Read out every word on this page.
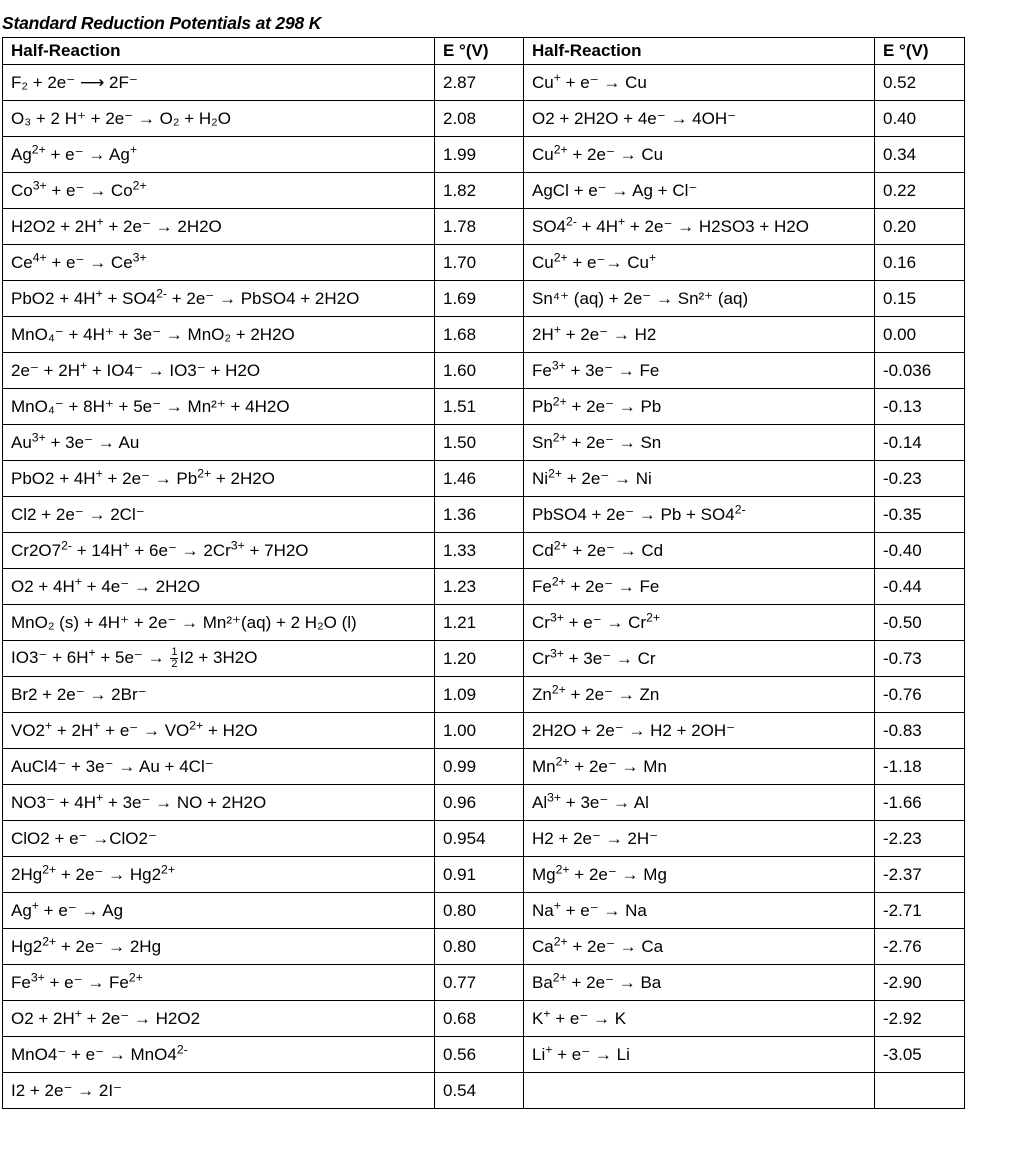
Standard Reduction Potentials at 298 K
Half-Reaction	E °(V)	Half-Reaction	E °(V)
F₂ + 2e⁻ ⟶ 2F⁻	2.87	Cu+ + e⁻ → Cu	0.52
O₃ + 2 H⁺ + 2e⁻ → O₂ + H₂O	2.08	O2 + 2H2O + 4e⁻ → 4OH⁻	0.40
$Ag^{2+} + e^- \to Ag^+$	1.99	$Cu^{2+} + 2e^- \to Cu$	0.34
$Co^{3+} + e^- \to Co^{2+}$	1.82	AgCl + e⁻ → Ag + Cl⁻	0.22
H2O2 + 2H+ + 2e⁻ → 2H2O	1.78	$SO4^{2-} + 4H^+ + 2e^- \to H2SO3 + H2O$	0.20
$Ce^{4+} + e^- \to Ce^{3+}$	1.70	$Cu^{2+} + e^-\to Cu^+$	0.16
$PbO2 + 4H^+ + SO4^{2-} + 2e^-$ → PbSO4 + 2H2O	1.69	Sn⁴⁺ (aq) + 2e⁻ → Sn²⁺ (aq)	0.15
MnO₄⁻ + 4H⁺ + 3e⁻ → MnO₂ + 2H2O	1.68	2H+ + 2e⁻ → H2	0.00
2e⁻ + 2H+ + IO4⁻ → IO3⁻ + H2O	1.60	$Fe^{3+} + 3e^- \to Fe$	-0.036
MnO₄⁻ + 8H⁺ + 5e⁻ → Mn²⁺ + 4H2O	1.51	$Pb^{2+} + 2e^- \to Pb$	-0.13
$Au^{3+} + 3e^- \to Au$	1.50	$Sn^{2+} + 2e^- \to Sn$	-0.14
$PbO2 + 4H^+ + 2e^- \to Pb^{2+} + 2H2O$	1.46	$Ni^{2+} + 2e^- \to Ni$	-0.23
Cl2 + 2e⁻ → 2Cl⁻	1.36	PbSO4 + $2e^- \to Pb + SO4^{2-}$	-0.35
$Cr2O7^{2-} + 14H^+ + 6e^- \to 2Cr^{3+} + 7H2O$	1.33	$Cd^{2+} + 2e^- \to Cd$	-0.40
O2 + 4H+ + 4e⁻ → 2H2O	1.23	$Fe^{2+} + 2e^- \to Fe$	-0.44
MnO₂ (s) + 4H⁺ + 2e⁻ → Mn²⁺(aq) + 2 H₂O (l)	1.21	$Cr^{3+} + e^- \to Cr^{2+}$	-0.50
$IO3^- + 6H^+ + 5e^- \to \frac{1}{2} I2 + 3H2O$	1.20	$Cr^{3+} + 3e^- \to Cr$	-0.73
Br2 + 2e⁻ → 2Br⁻	1.09	$Zn^{2+} + 2e^- \to Zn$	-0.76
$VO2^+ + 2H^+ + e^- \to VO^{2+} + H2O$	1.00	2H2O + 2e⁻ → H2 + 2OH⁻	-0.83
AuCl4⁻ + 3e⁻ → Au + 4Cl⁻	0.99	$Mn^{2+} + 2e^- \to Mn$	-1.18
NO3⁻ + 4H+ + 3e⁻ → NO + 2H2O	0.96	$Al^{3+} + 3e^- \to Al$	-1.66
ClO2 + e⁻ →ClO2⁻	0.954	H2 + 2e⁻ → 2H⁻	-2.23
$2Hg^{2+} + 2e^- \to Hg2^{2+}$	0.91	$Mg^{2+} + 2e^- \to Mg$	-2.37
Ag+ + e⁻ → Ag	0.80	Na+ + e⁻ → Na	-2.71
$Hg2^{2+} + 2e^- \to 2Hg$	0.80	$Ca^{2+} + 2e^- \to Ca$	-2.76
$Fe^{3+} + e^- \to Fe^{2+}$	0.77	$Ba^{2+} + 2e^- \to Ba$	-2.90
O2 + 2H+ + 2e⁻ → H2O2	0.68	K+ + e⁻ → K	-2.92
$MnO4^- + e^- \to MnO4^{2-}$	0.56	Li+ + e⁻ → Li	-3.05
I2 + 2e⁻ → 2I⁻	0.54		
